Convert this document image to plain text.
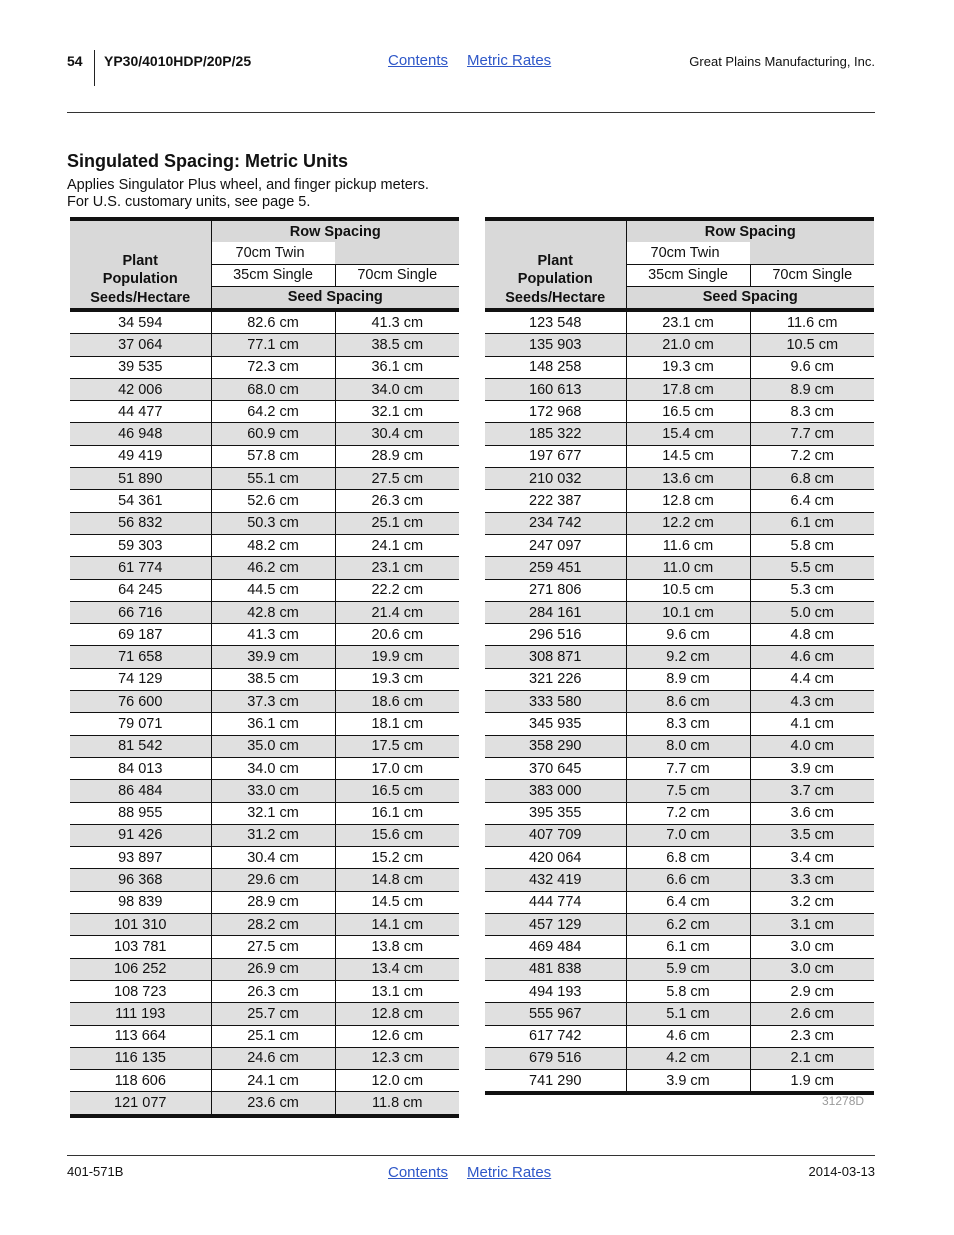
54 YP30/4010HDP/20P/25	Contents Metric Rates	Great Plains Manufacturing, Inc.
Singulated Spacing: Metric Units
Applies Singulator Plus wheel, and finger pickup meters.
For U.S. customary units, see page 5.
Plant
Population
Seeds/Hectare	Row Spacing	
	70cm Twin	
	35cm Single	70cm Single
	Seed Spacing	
34 594	82.6 cm	41.3 cm
37 064	77.1 cm	38.5 cm
39 535	72.3 cm	36.1 cm
42 006	68.0 cm	34.0 cm
44 477	64.2 cm	32.1 cm
46 948	60.9 cm	30.4 cm
49 419	57.8 cm	28.9 cm
51 890	55.1 cm	27.5 cm
54 361	52.6 cm	26.3 cm
56 832	50.3 cm	25.1 cm
59 303	48.2 cm	24.1 cm
61 774	46.2 cm	23.1 cm
64 245	44.5 cm	22.2 cm
66 716	42.8 cm	21.4 cm
69 187	41.3 cm	20.6 cm
71 658	39.9 cm	19.9 cm
74 129	38.5 cm	19.3 cm
76 600	37.3 cm	18.6 cm
79 071	36.1 cm	18.1 cm
81 542	35.0 cm	17.5 cm
84 013	34.0 cm	17.0 cm
86 484	33.0 cm	16.5 cm
88 955	32.1 cm	16.1 cm
91 426	31.2 cm	15.6 cm
93 897	30.4 cm	15.2 cm
96 368	29.6 cm	14.8 cm
98 839	28.9 cm	14.5 cm
101 310	28.2 cm	14.1 cm
103 781	27.5 cm	13.8 cm
106 252	26.9 cm	13.4 cm
108 723	26.3 cm	13.1 cm
111 193	25.7 cm	12.8 cm
113 664	25.1 cm	12.6 cm
116 135	24.6 cm	12.3 cm
118 606	24.1 cm	12.0 cm
121 077	23.6 cm	11.8 cm
Plant
Population
Seeds/Hectare	Row Spacing	
	70cm Twin	
	35cm Single	70cm Single
	Seed Spacing	
123 548	23.1 cm	11.6 cm
135 903	21.0 cm	10.5 cm
148 258	19.3 cm	9.6 cm
160 613	17.8 cm	8.9 cm
172 968	16.5 cm	8.3 cm
185 322	15.4 cm	7.7 cm
197 677	14.5 cm	7.2 cm
210 032	13.6 cm	6.8 cm
222 387	12.8 cm	6.4 cm
234 742	12.2 cm	6.1 cm
247 097	11.6 cm	5.8 cm
259 451	11.0 cm	5.5 cm
271 806	10.5 cm	5.3 cm
284 161	10.1 cm	5.0 cm
296 516	9.6 cm	4.8 cm
308 871	9.2 cm	4.6 cm
321 226	8.9 cm	4.4 cm
333 580	8.6 cm	4.3 cm
345 935	8.3 cm	4.1 cm
358 290	8.0 cm	4.0 cm
370 645	7.7 cm	3.9 cm
383 000	7.5 cm	3.7 cm
395 355	7.2 cm	3.6 cm
407 709	7.0 cm	3.5 cm
420 064	6.8 cm	3.4 cm
432 419	6.6 cm	3.3 cm
444 774	6.4 cm	3.2 cm
457 129	6.2 cm	3.1 cm
469 484	6.1 cm	3.0 cm
481 838	5.9 cm	3.0 cm
494 193	5.8 cm	2.9 cm
555 967	5.1 cm	2.6 cm
617 742	4.6 cm	2.3 cm
679 516	4.2 cm	2.1 cm
741 290	3.9 cm	1.9 cm
31278D
401-571B	Contents Metric Rates	2014-03-13
